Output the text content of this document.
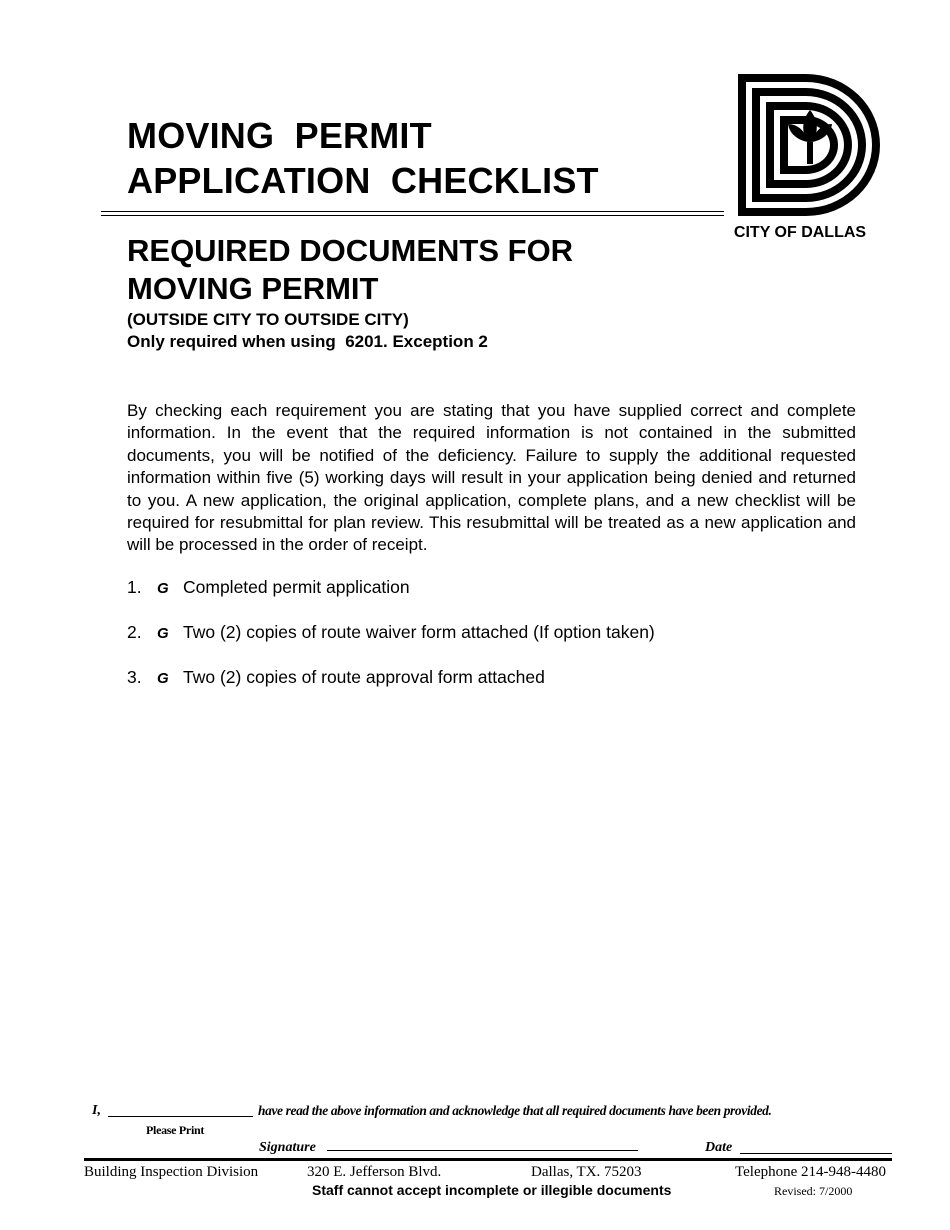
MOVING  PERMIT
APPLICATION  CHECKLIST
CITY OF DALLAS
REQUIRED DOCUMENTS FOR
MOVING PERMIT
(OUTSIDE CITY TO OUTSIDE CITY)
Only required when using  6201. Exception 2
By checking each requirement you are stating that you have supplied correct and complete information. In the event that the required information is not contained in the submitted documents, you will be notified of the deficiency. Failure to supply the additional requested information within five (5) working days will result in your application being denied and returned to you. A new application, the original application, complete plans, and a new checklist will be required for resubmittal for plan review. This resubmittal will be treated as a new application and will be processed in the order of receipt.
1.	G Completed permit application
2.	G Two (2) copies of route waiver form attached (If option taken)
3.	G Two (2) copies of route approval form attached
I,	have read the above information and acknowledge that all required documents have been provided.
Please Print
Signature	Date
Building Inspection Division	320 E. Jefferson Blvd.	Dallas, TX. 75203	Telephone 214-948-4480
Staff cannot accept incomplete or illegible documents	Revised: 7/2000
